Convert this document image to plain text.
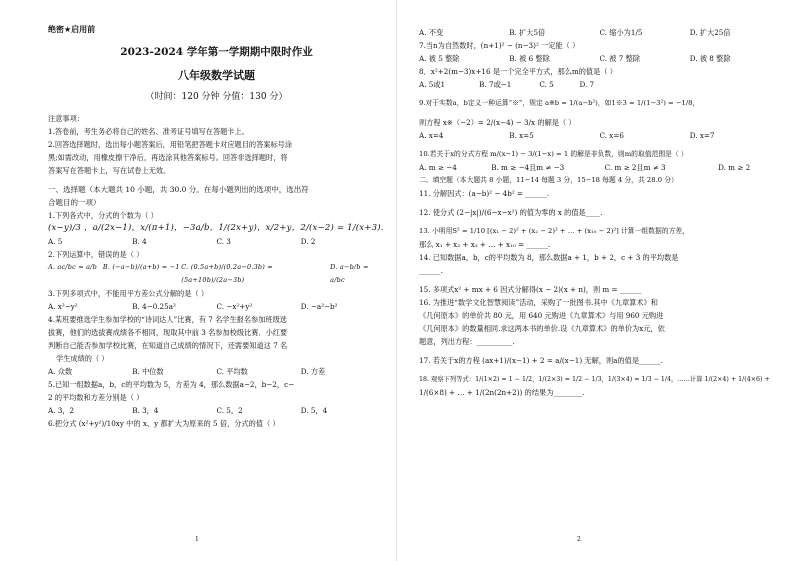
绝密★启用前
2023-2024 学年第一学期期中限时作业
八年级数学试题
（时间：120 分钟 分值：130 分）
注意事项：
1.答卷前，考生务必将自己的姓名、准考证号填写在答题卡上。
2.回答选择题时，选出每小题答案后，用铅笔把答题卡对应题目的答案标号涂
黑;如需改动，用橡皮擦干净后，再选涂其他答案标号。回答非选择题时，将
答案写在答题卡上，写在试卷上无效。
一、选择题（本大题共 10 小题，共 30.0 分。在每小题列出的选项中，选出符
合题目的一项）
1.下列各式中，分式的个数为（ ）
(x−y)/3 ，a/(2x−1)，x/(π+1)，−3a/b，1/(2x+y)，x/2+y，2/(x−2) = 1/(x+3).
A. 5	B. 4	C. 3	D. 2
2.下列运算中，错误的是（ ）
A. ac/bc = a/b B. (−a−b)/(a+b) = −1 C. (0.5a+b)/(0.2a−0.3b) = (5a+10b)/(2a−3b)
D. a−b/b = a/bc
3.下列多项式中，不能用平方差公式分解的是（ ）
A. x²−y²	B. 4−0.25a²	C. −x²+y²	D. −a²−b²
4.某班要推选学生参加学校的“诗词达人”比赛，有 7 名学生报名参加班级选
拔赛，他们的选拔赛成绩各不相同，现取其中前 3 名参加校级比赛．小红要
判断自己能否参加学校比赛，在知道自己成绩的情况下，还需要知道这 7 名
学生成绩的（ ）
A. 众数	B. 中位数	C. 平均数	D. 方差
5.已知一组数据a，b，c的平均数为 5，方差为 4，那么数据a−2，b−2，c−
2 的平均数和方差分别是（ ）
A. 3，2	B. 3，4	C. 5，2	D. 5，4
6.把分式 (x²+y²)/10xy 中的 x、y 都扩大为原来的 5 倍，分式的值（ ）
1
A. 不变	B. 扩大5倍	C. 缩小为1/5	D. 扩大25倍
7.当n为自然数时，(n+1)² − (n−3)² 一定能（ ）
A. 被 5 整除	B. 被 6 整除	C. 被 7 整除	D. 被 8 整除
8．x²+2(m−3)x+16 是一个完全平方式，那么m的值是（ ）
A. 5或1	B. 7或−1	C. 5	D. 7
9.对于实数a，b定义一种运算“※”，规定 a※b = 1/(a−b²)，如1※3 = 1/(1−3²) = −1/8，
则方程 x※（−2）= 2/(x−4) − 3/x 的解是（ ）
A. x=4	B. x=5	C. x=6	D. x=7
10.若关于x的分式方程 m/(x−1) − 3/(1−x) = 1 的解是非负数，则m的取值范围是（ ）
A. m ≥ −4	B. m ≥ −4且m ≠ −3	C. m ≥ 2且m ≠ 3	D. m ≥ 2
二、填空题（本大题共 8 小题，11−14 每题 3 分，15−18 每题 4 分，共 28.0 分）
11. 分解因式：(a−b)² − 4b² = ______.
12. 使分式 (2−|x|)/(6−x−x²) 的值为零的 x 的值是____.
13. 小明用S² = 1/10 [(x₁ − 2)² + (x₂ − 2)² + … + (x₁₀ − 2)²] 计算一组数据的方差，
那么 x₁ + x₂ + x₃ + … + x₁₀ = ______.
14. 已知数据a，b，c的平均数为 8，那么数据a + 1，b + 2，c + 3 的平均数是
______.
15. 多项式x² + mx + 6 因式分解得(x − 2)(x + n)，则 m = ______
16. 为推进“数学文化智慧阅读”活动，采购了一批图书.其中《九章算术》和
《几何原本》的单价共 80 元，用 640 元购进《九章算术》与用 960 元购进
《几何原本》的数量相同.求这两本书的单价.设《九章算术》的单价为x元，依
题意，列出方程：__________.
17. 若关于x的方程 (ax+1)/(x−1) + 2 = a/(x−1) 无解，则a的值是______.
18. 观察下列等式：1/(1×2) = 1 − 1/2，1/(2×3) = 1/2 − 1/3，1/(3×4) = 1/3 − 1/4，……计算 1/(2×4) + 1/(4×6) +
1/(6×8) + … + 1/(2n(2n+2)) 的结果为________.
2
